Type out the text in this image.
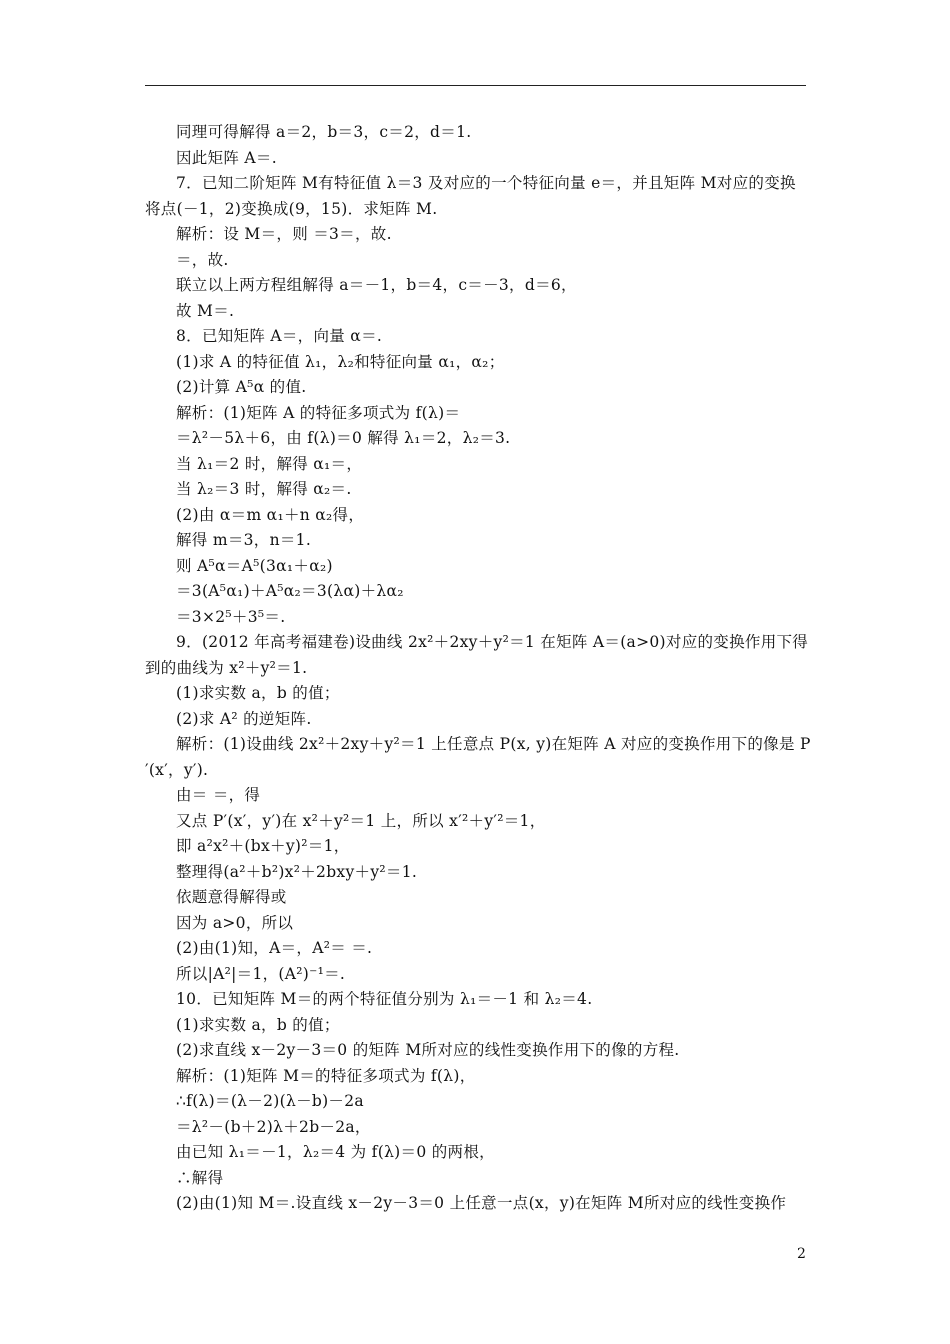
同理可得解得 a＝2，b＝3，c＝2，d＝1.
因此矩阵 A＝.
7．已知二阶矩阵 M有特征值 λ＝3 及对应的一个特征向量 e＝，并且矩阵 M对应的变换
将点(－1，2)变换成(9，15)．求矩阵 M.
解析：设 M＝，则 ＝3＝，故.
＝，故.
联立以上两方程组解得 a＝－1，b＝4，c＝－3，d＝6，
故 M＝.
8．已知矩阵 A＝，向量 α＝.
(1)求 A 的特征值 λ₁，λ₂和特征向量 α₁，α₂；
(2)计算 A⁵α 的值.
解析：(1)矩阵 A 的特征多项式为 f(λ)＝
＝λ²－5λ＋6，由 f(λ)＝0 解得 λ₁＝2，λ₂＝3.
当 λ₁＝2 时，解得 α₁＝，
当 λ₂＝3 时，解得 α₂＝.
(2)由 α＝m α₁＋n α₂得，
解得 m＝3，n＝1.
则 A⁵α＝A⁵(3α₁＋α₂)
＝3(A⁵α₁)＋A⁵α₂＝3(λα)＋λα₂
＝3×2⁵＋3⁵＝.
9．(2012 年高考福建卷)设曲线 2x²＋2xy＋y²＝1 在矩阵 A＝(a>0)对应的变换作用下得
到的曲线为 x²＋y²＝1.
(1)求实数 a，b 的值；
(2)求 A² 的逆矩阵.
解析：(1)设曲线 2x²＋2xy＋y²＝1 上任意点 P(x, y)在矩阵 A 对应的变换作用下的像是 P
′(x′，y′).
由＝ ＝，得
又点 P′(x′，y′)在 x²＋y²＝1 上，所以 x′²＋y′²＝1，
即 a²x²＋(bx＋y)²＝1，
整理得(a²＋b²)x²＋2bxy＋y²＝1.
依题意得解得或
因为 a>0，所以
(2)由(1)知，A＝，A²＝ ＝.
所以|A²|＝1，(A²)⁻¹＝.
10．已知矩阵 M＝的两个特征值分别为 λ₁＝－1 和 λ₂＝4.
(1)求实数 a，b 的值；
(2)求直线 x－2y－3＝0 的矩阵 M所对应的线性变换作用下的像的方程.
解析：(1)矩阵 M＝的特征多项式为 f(λ)，
∴f(λ)＝(λ－2)(λ－b)－2a
＝λ²－(b＋2)λ＋2b－2a，
由已知 λ₁＝－1，λ₂＝4 为 f(λ)＝0 的两根，
∴解得
(2)由(1)知 M＝.设直线 x－2y－3＝0 上任意一点(x，y)在矩阵 M所对应的线性变换作
2
